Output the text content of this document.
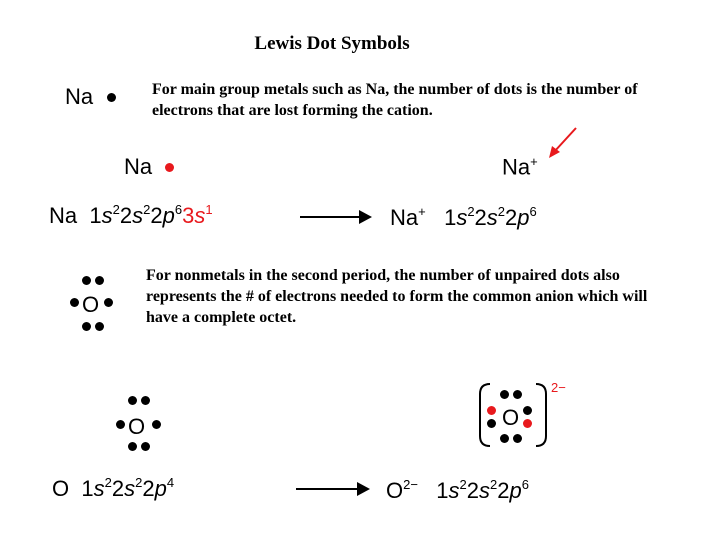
Lewis Dot Symbols
Na	For main group metals such as Na, the number of dots is the number of electrons that are lost forming the cation.
Na	Na+
Na $1s^22s^22p^63s^1$	Na+ $1s^22s^22p^6$
O
For nonmetals in the second period, the number of unpaired dots also represents the # of electrons needed to form the common anion which will have a complete octet.
O	O
2−
O $1s^22s^22p^4$	$O^{2-}$ $1s^22s^22p^6$
